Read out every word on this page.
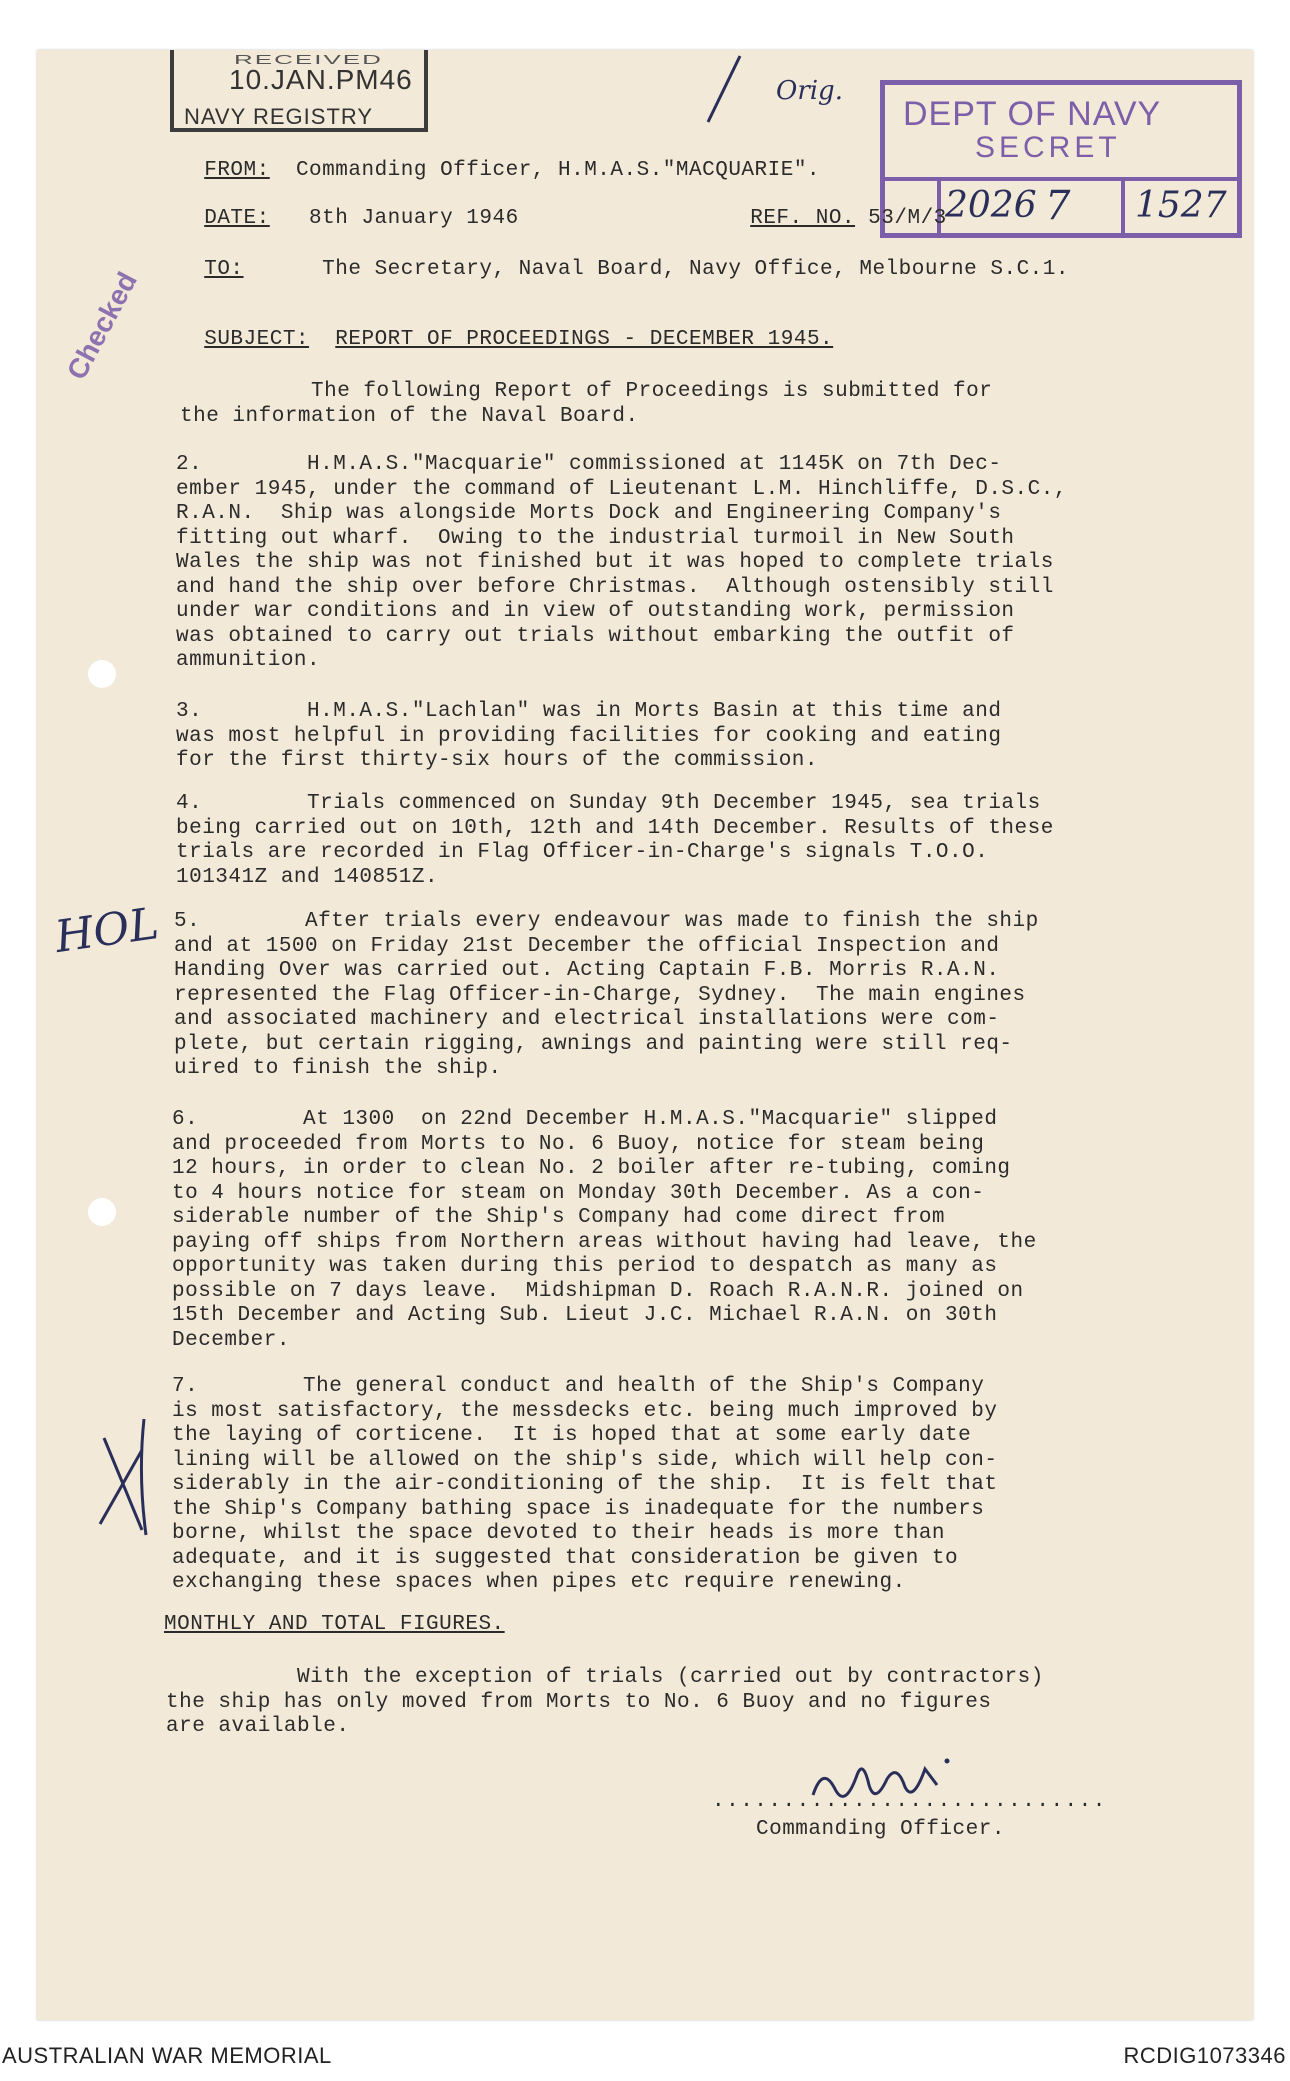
RECEIVED
10.JAN.PM46
NAVY REGISTRY	DEPT OF NAVY
SECRET
2026 7 1527
Orig.
Checked

FROM: Commanding Officer, H.M.A.S."MACQUARIE".

DATE: 8th January 1946	REF. NO. 53/M/3

TO:	The Secretary, Naval Board, Navy Office, Melbourne S.C.1.

SUBJECT: REPORT OF PROCEEDINGS - DECEMBER 1945.

The following Report of Proceedings is submitted for
the information of the Naval Board.
2.        H.M.A.S."Macquarie" commissioned at 1145K on 7th Dec-
ember 1945, under the command of Lieutenant L.M. Hinchliffe, D.S.C.,
R.A.N.  Ship was alongside Morts Dock and Engineering Company's
fitting out wharf.  Owing to the industrial turmoil in New South
Wales the ship was not finished but it was hoped to complete trials
and hand the ship over before Christmas.  Although ostensibly still
under war conditions and in view of outstanding work, permission
was obtained to carry out trials without embarking the outfit of
ammunition.
3.        H.M.A.S."Lachlan" was in Morts Basin at this time and
was most helpful in providing facilities for cooking and eating
for the first thirty-six hours of the commission.
4.        Trials commenced on Sunday 9th December 1945, sea trials
being carried out on 10th, 12th and 14th December. Results of these
trials are recorded in Flag Officer-in-Charge's signals T.O.O.
101341Z and 140851Z.
HOL 5.        After trials every endeavour was made to finish the ship
and at 1500 on Friday 21st December the official Inspection and
Handing Over was carried out. Acting Captain F.B. Morris R.A.N.
represented the Flag Officer-in-Charge, Sydney.  The main engines
and associated machinery and electrical installations were com-
plete, but certain rigging, awnings and painting were still req-
uired to finish the ship.
6.        At 1300  on 22nd December H.M.A.S."Macquarie" slipped
and proceeded from Morts to No. 6 Buoy, notice for steam being
12 hours, in order to clean No. 2 boiler after re-tubing, coming
to 4 hours notice for steam on Monday 30th December. As a con-
siderable number of the Ship's Company had come direct from
paying off ships from Northern areas without having had leave, the
opportunity was taken during this period to despatch as many as
possible on 7 days leave.  Midshipman D. Roach R.A.N.R. joined on
15th December and Acting Sub. Lieut J.C. Michael R.A.N. on 30th
December.
7.        The general conduct and health of the Ship's Company
is most satisfactory, the messdecks etc. being much improved by
the laying of corticene.  It is hoped that at some early date
lining will be allowed on the ship's side, which will help con-
siderably in the air-conditioning of the ship.  It is felt that
the Ship's Company bathing space is inadequate for the numbers
borne, whilst the space devoted to their heads is more than
adequate, and it is suggested that consideration be given to
exchanging these spaces when pipes etc require renewing.
MONTHLY AND TOTAL FIGURES.
With the exception of trials (carried out by contractors)
the ship has only moved from Morts to No. 6 Buoy and no figures
are available.
............................
Commanding Officer.
AUSTRALIAN WAR MEMORIAL	RCDIG1073346
